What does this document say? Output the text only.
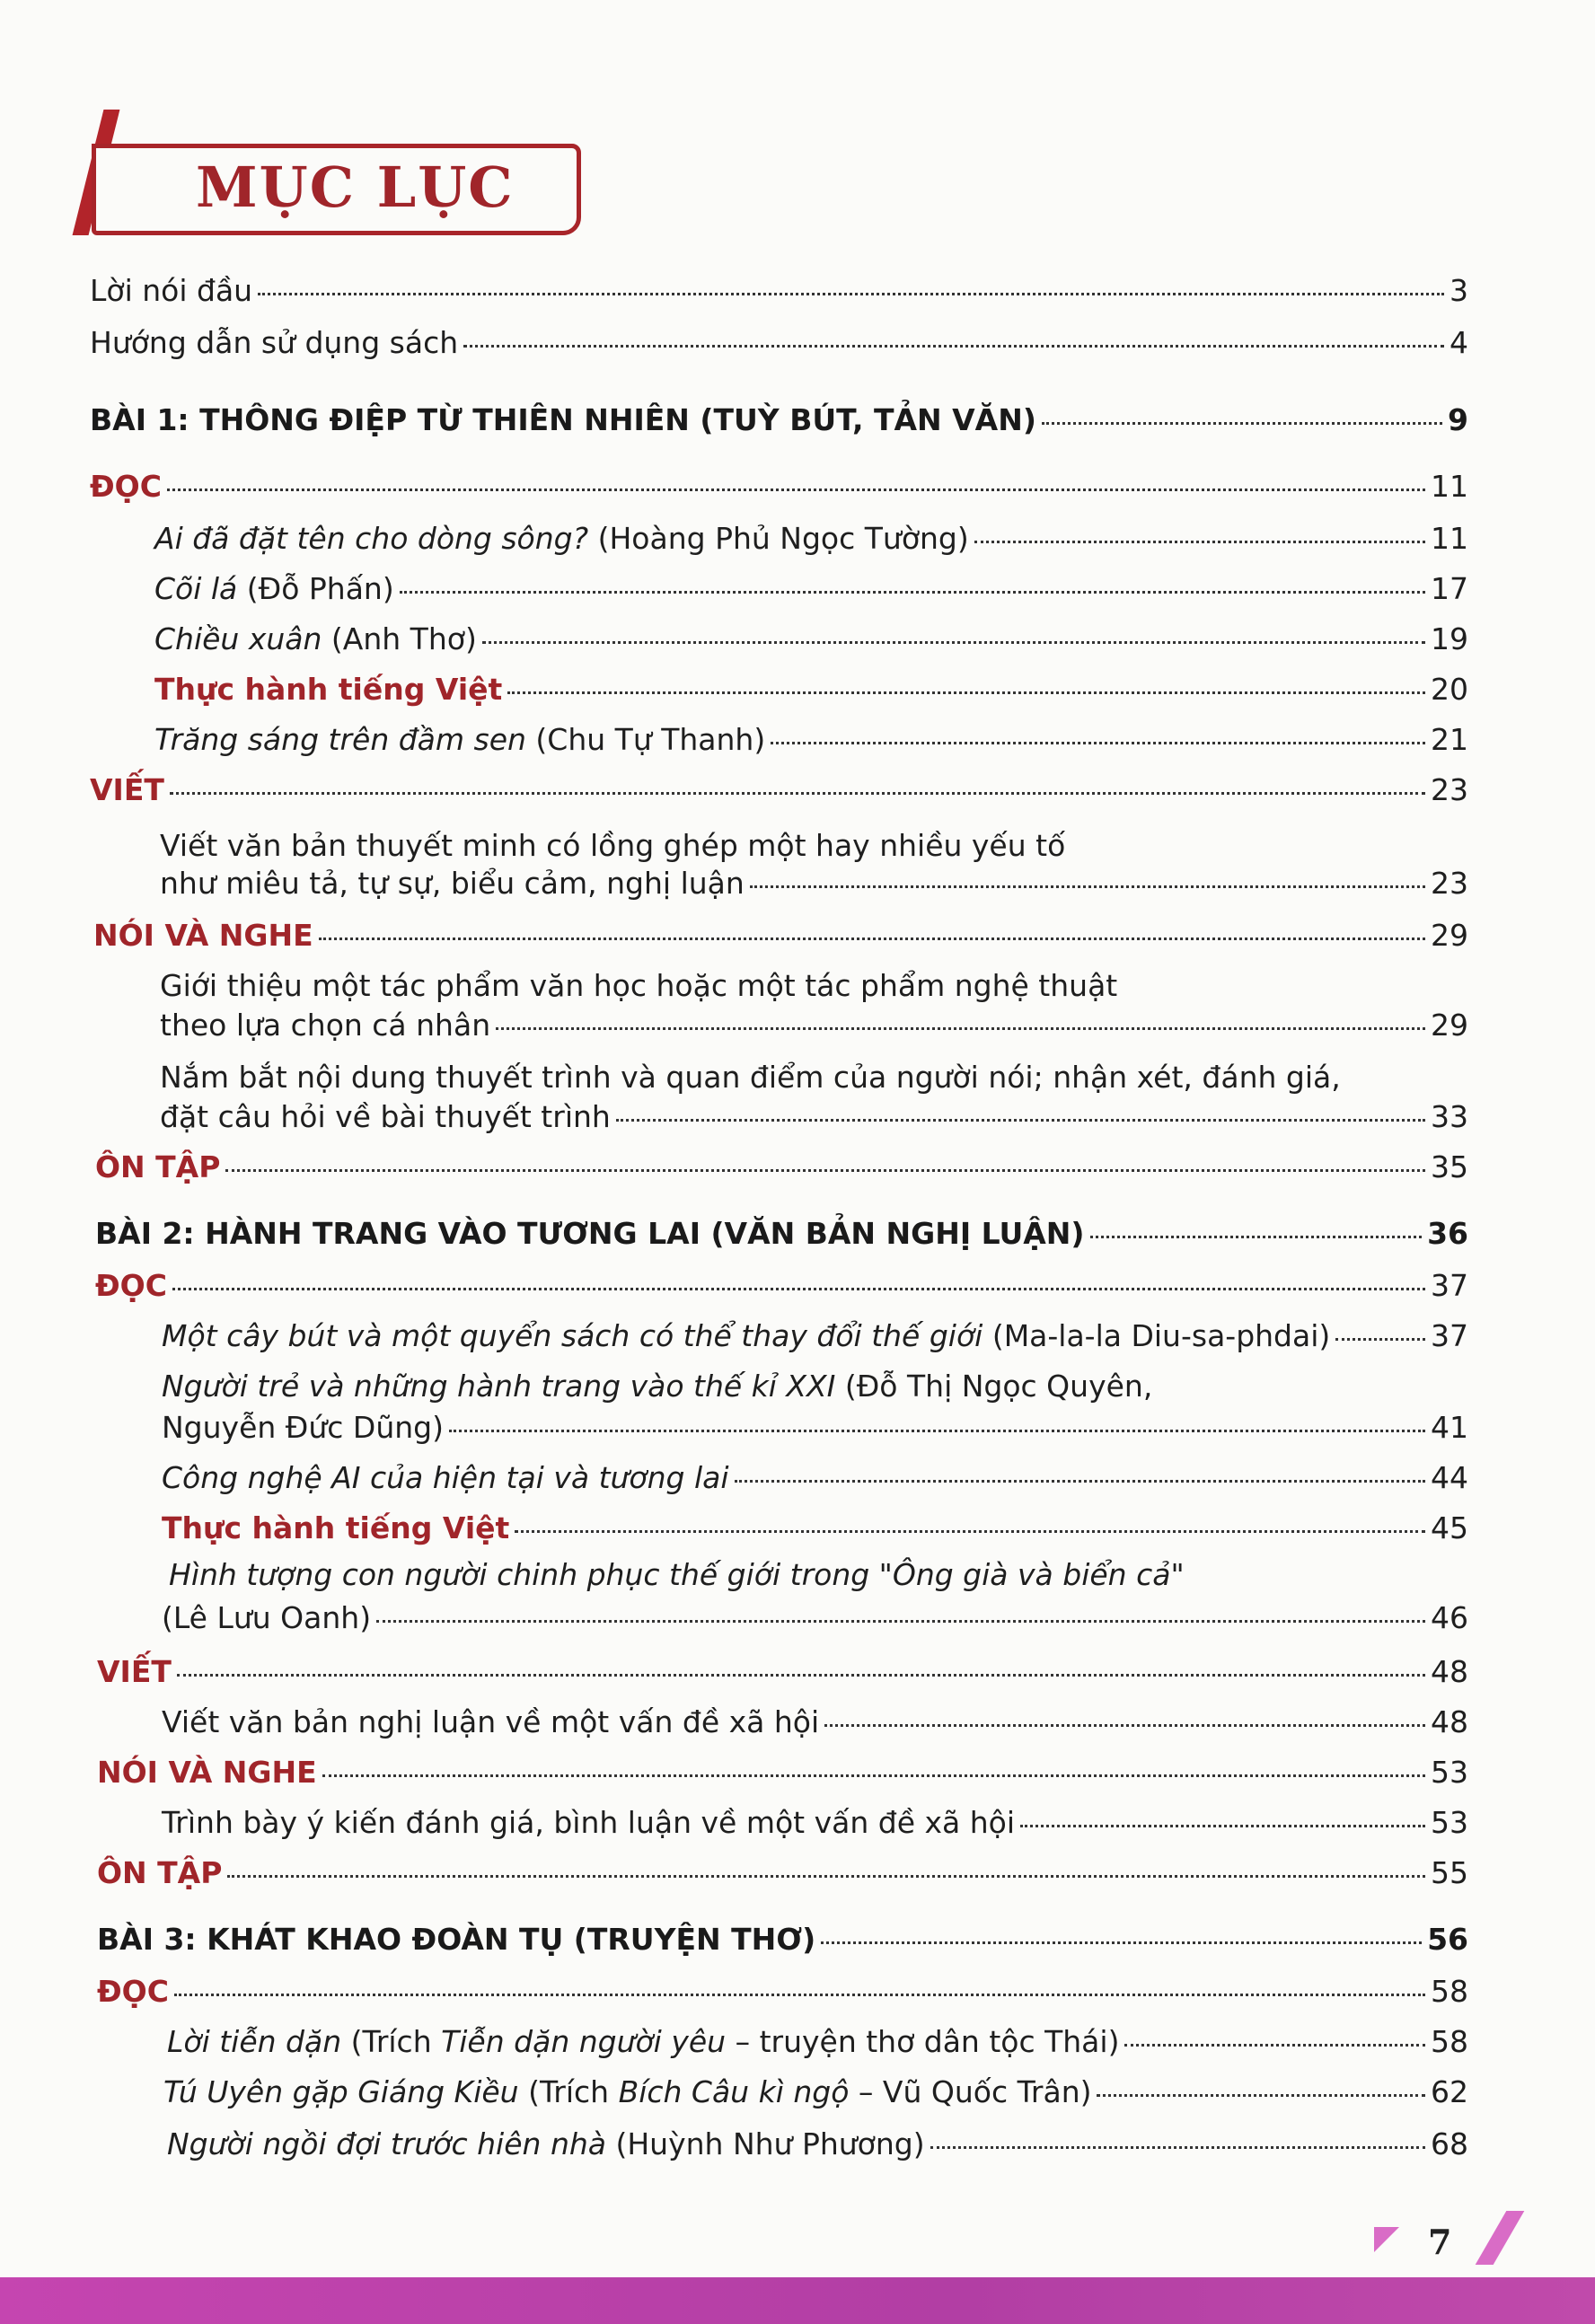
MỤC LỤC
Lời nói đầu	3
Hướng dẫn sử dụng sách	4
BÀI 1: THÔNG ĐIỆP TỪ THIÊN NHIÊN (TUỲ BÚT, TẢN VĂN)	9
ĐỌC	11
Ai đã đặt tên cho dòng sông? (Hoàng Phủ Ngọc Tường)	11
Cõi lá (Đỗ Phấn)	17
Chiều xuân (Anh Thơ)	19
Thực hành tiếng Việt	20
Trăng sáng trên đầm sen (Chu Tự Thanh)	21
VIẾT	23
Viết văn bản thuyết minh có lồng ghép một hay nhiều yếu tố
như miêu tả, tự sự, biểu cảm, nghị luận	23
NÓI VÀ NGHE	29
Giới thiệu một tác phẩm văn học hoặc một tác phẩm nghệ thuật
theo lựa chọn cá nhân	29
Nắm bắt nội dung thuyết trình và quan điểm của người nói; nhận xét, đánh giá,
đặt câu hỏi về bài thuyết trình	33
ÔN TẬP	35
BÀI 2: HÀNH TRANG VÀO TƯƠNG LAI (VĂN BẢN NGHỊ LUẬN)	36
ĐỌC	37
Một cây bút và một quyển sách có thể thay đổi thế giới (Ma-la-la Diu-sa-phdai)	37
Người trẻ và những hành trang vào thế kỉ XXI (Đỗ Thị Ngọc Quyên,
Nguyễn Đức Dũng)	41
Công nghệ AI của hiện tại và tương lai	44
Thực hành tiếng Việt	45
Hình tượng con người chinh phục thế giới trong "Ông già và biển cả"
(Lê Lưu Oanh)	46
VIẾT	48
Viết văn bản nghị luận về một vấn đề xã hội	48
NÓI VÀ NGHE	53
Trình bày ý kiến đánh giá, bình luận về một vấn đề xã hội	53
ÔN TẬP	55
BÀI 3: KHÁT KHAO ĐOÀN TỤ (TRUYỆN THƠ)	56
ĐỌC	58
Lời tiễn dặn (Trích Tiễn dặn người yêu – truyện thơ dân tộc Thái)	58
Tú Uyên gặp Giáng Kiều (Trích Bích Câu kì ngộ – Vũ Quốc Trân)	62
Người ngồi đợi trước hiên nhà (Huỳnh Như Phương)	68
7
